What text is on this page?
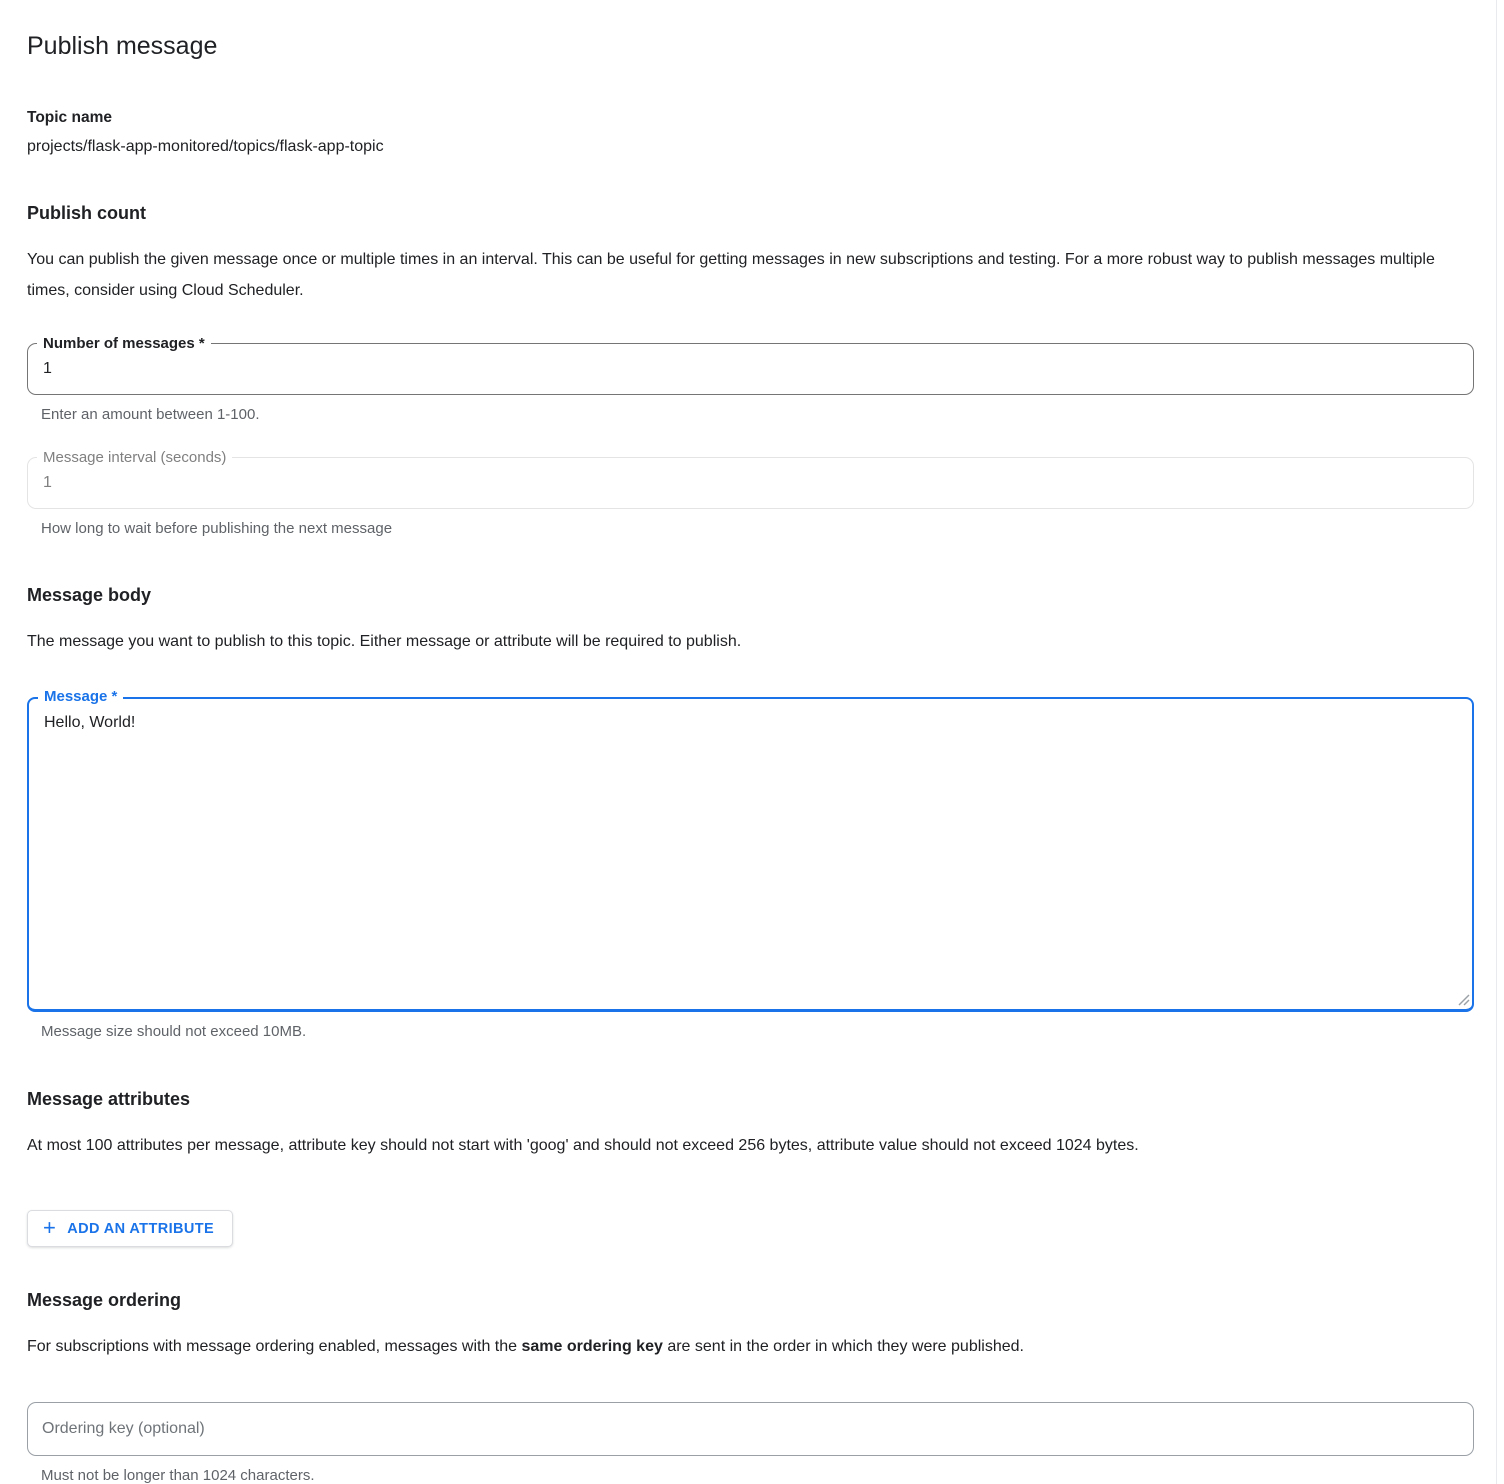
Publish message
Topic name
projects/flask-app-monitored/topics/flask-app-topic
Publish count

You can publish the given message once or multiple times in an interval. This can be useful for getting messages in new subscriptions and testing. For a more robust way to publish messages multiple times, consider using Cloud Scheduler.

Number of messages *
1
Enter an amount between 1-100.
Message interval (seconds)
1
How long to wait before publishing the next message
Message body

The message you want to publish to this topic. Either message or attribute will be required to publish.

Message *
Hello, World!
Message size should not exceed 10MB.
Message attributes

At most 100 attributes per message, attribute key should not start with 'goog' and should not exceed 256 bytes, attribute value should not exceed 1024 bytes.

+ ADD AN ATTRIBUTE
Message ordering

For subscriptions with message ordering enabled, messages with the same ordering key are sent in the order in which they were published.

Ordering key (optional)
Must not be longer than 1024 characters.
